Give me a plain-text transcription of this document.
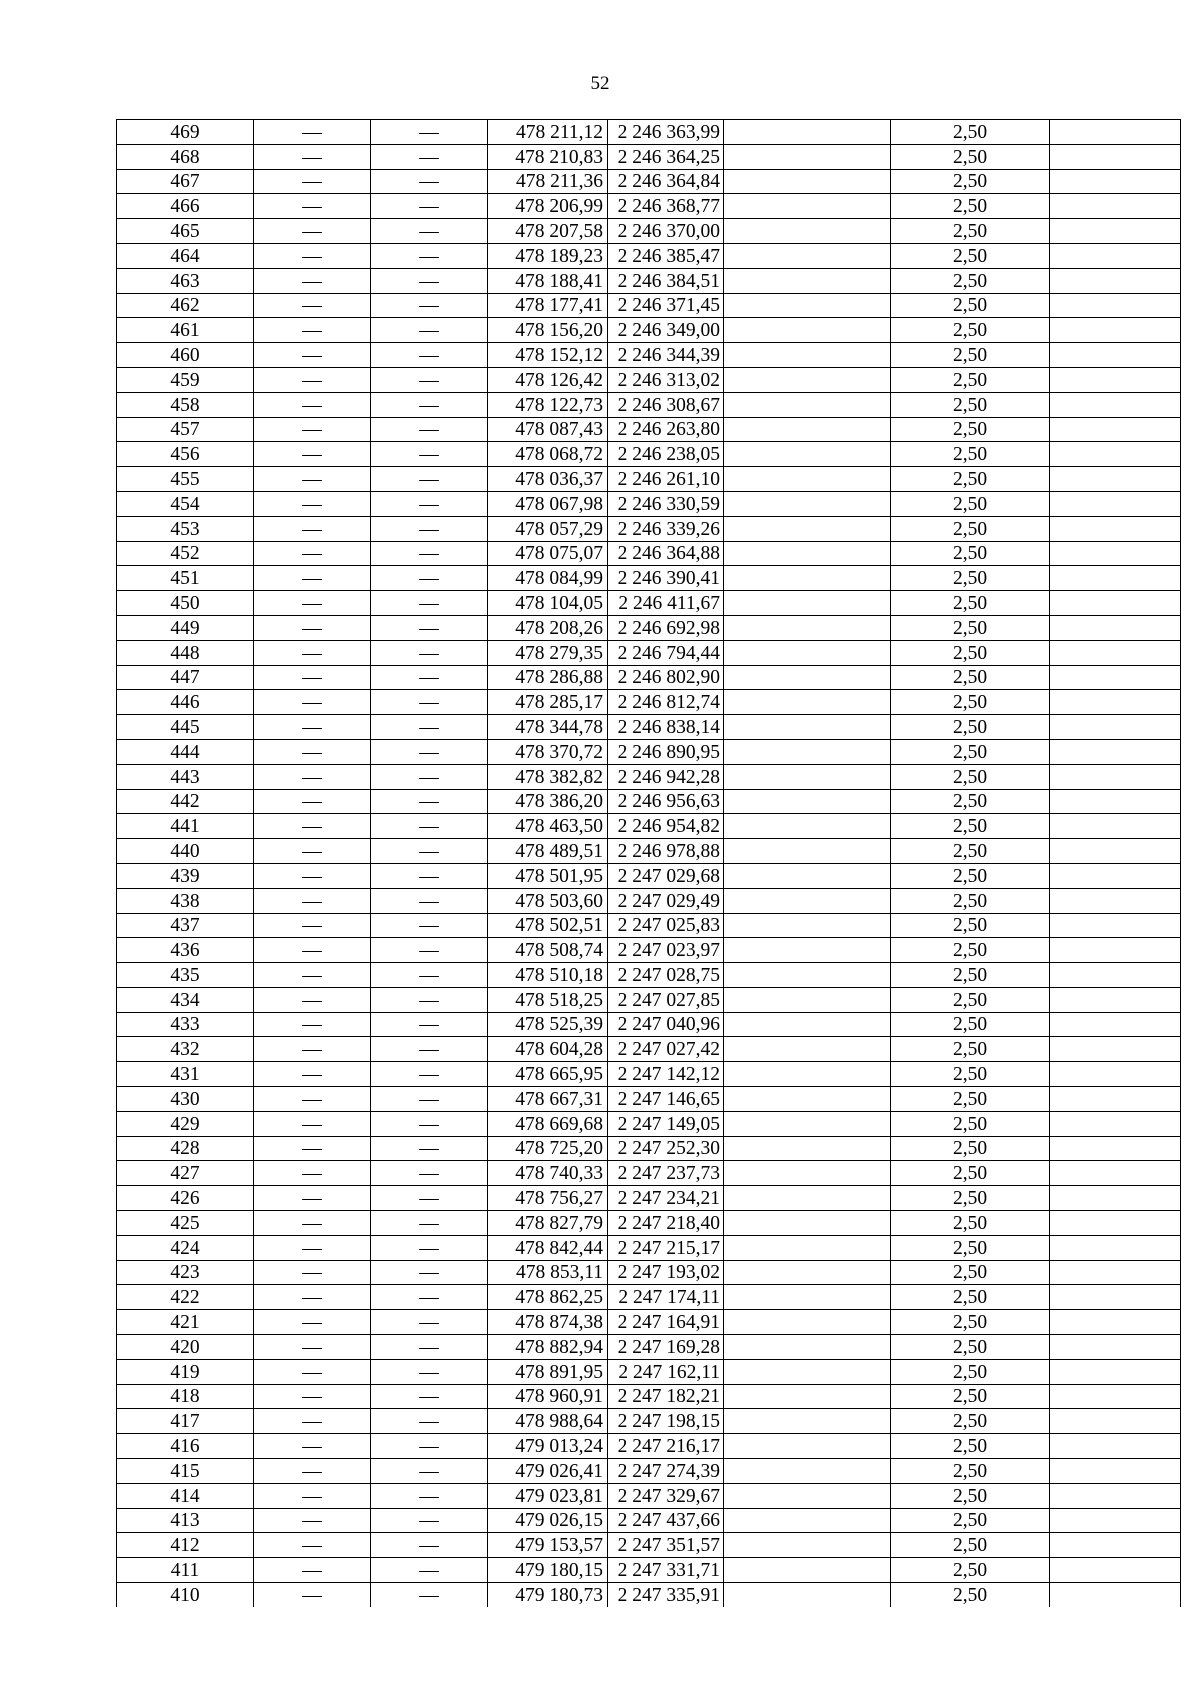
52
469	—	—	478 211,12	2 246 363,99		2,50	
468	—	—	478 210,83	2 246 364,25		2,50	
467	—	—	478 211,36	2 246 364,84		2,50	
466	—	—	478 206,99	2 246 368,77		2,50	
465	—	—	478 207,58	2 246 370,00		2,50	
464	—	—	478 189,23	2 246 385,47		2,50	
463	—	—	478 188,41	2 246 384,51		2,50	
462	—	—	478 177,41	2 246 371,45		2,50	
461	—	—	478 156,20	2 246 349,00		2,50	
460	—	—	478 152,12	2 246 344,39		2,50	
459	—	—	478 126,42	2 246 313,02		2,50	
458	—	—	478 122,73	2 246 308,67		2,50	
457	—	—	478 087,43	2 246 263,80		2,50	
456	—	—	478 068,72	2 246 238,05		2,50	
455	—	—	478 036,37	2 246 261,10		2,50	
454	—	—	478 067,98	2 246 330,59		2,50	
453	—	—	478 057,29	2 246 339,26		2,50	
452	—	—	478 075,07	2 246 364,88		2,50	
451	—	—	478 084,99	2 246 390,41		2,50	
450	—	—	478 104,05	2 246 411,67		2,50	
449	—	—	478 208,26	2 246 692,98		2,50	
448	—	—	478 279,35	2 246 794,44		2,50	
447	—	—	478 286,88	2 246 802,90		2,50	
446	—	—	478 285,17	2 246 812,74		2,50	
445	—	—	478 344,78	2 246 838,14		2,50	
444	—	—	478 370,72	2 246 890,95		2,50	
443	—	—	478 382,82	2 246 942,28		2,50	
442	—	—	478 386,20	2 246 956,63		2,50	
441	—	—	478 463,50	2 246 954,82		2,50	
440	—	—	478 489,51	2 246 978,88		2,50	
439	—	—	478 501,95	2 247 029,68		2,50	
438	—	—	478 503,60	2 247 029,49		2,50	
437	—	—	478 502,51	2 247 025,83		2,50	
436	—	—	478 508,74	2 247 023,97		2,50	
435	—	—	478 510,18	2 247 028,75		2,50	
434	—	—	478 518,25	2 247 027,85		2,50	
433	—	—	478 525,39	2 247 040,96		2,50	
432	—	—	478 604,28	2 247 027,42		2,50	
431	—	—	478 665,95	2 247 142,12		2,50	
430	—	—	478 667,31	2 247 146,65		2,50	
429	—	—	478 669,68	2 247 149,05		2,50	
428	—	—	478 725,20	2 247 252,30		2,50	
427	—	—	478 740,33	2 247 237,73		2,50	
426	—	—	478 756,27	2 247 234,21		2,50	
425	—	—	478 827,79	2 247 218,40		2,50	
424	—	—	478 842,44	2 247 215,17		2,50	
423	—	—	478 853,11	2 247 193,02		2,50	
422	—	—	478 862,25	2 247 174,11		2,50	
421	—	—	478 874,38	2 247 164,91		2,50	
420	—	—	478 882,94	2 247 169,28		2,50	
419	—	—	478 891,95	2 247 162,11		2,50	
418	—	—	478 960,91	2 247 182,21		2,50	
417	—	—	478 988,64	2 247 198,15		2,50	
416	—	—	479 013,24	2 247 216,17		2,50	
415	—	—	479 026,41	2 247 274,39		2,50	
414	—	—	479 023,81	2 247 329,67		2,50	
413	—	—	479 026,15	2 247 437,66		2,50	
412	—	—	479 153,57	2 247 351,57		2,50	
411	—	—	479 180,15	2 247 331,71		2,50	
410	—	—	479 180,73	2 247 335,91		2,50	
